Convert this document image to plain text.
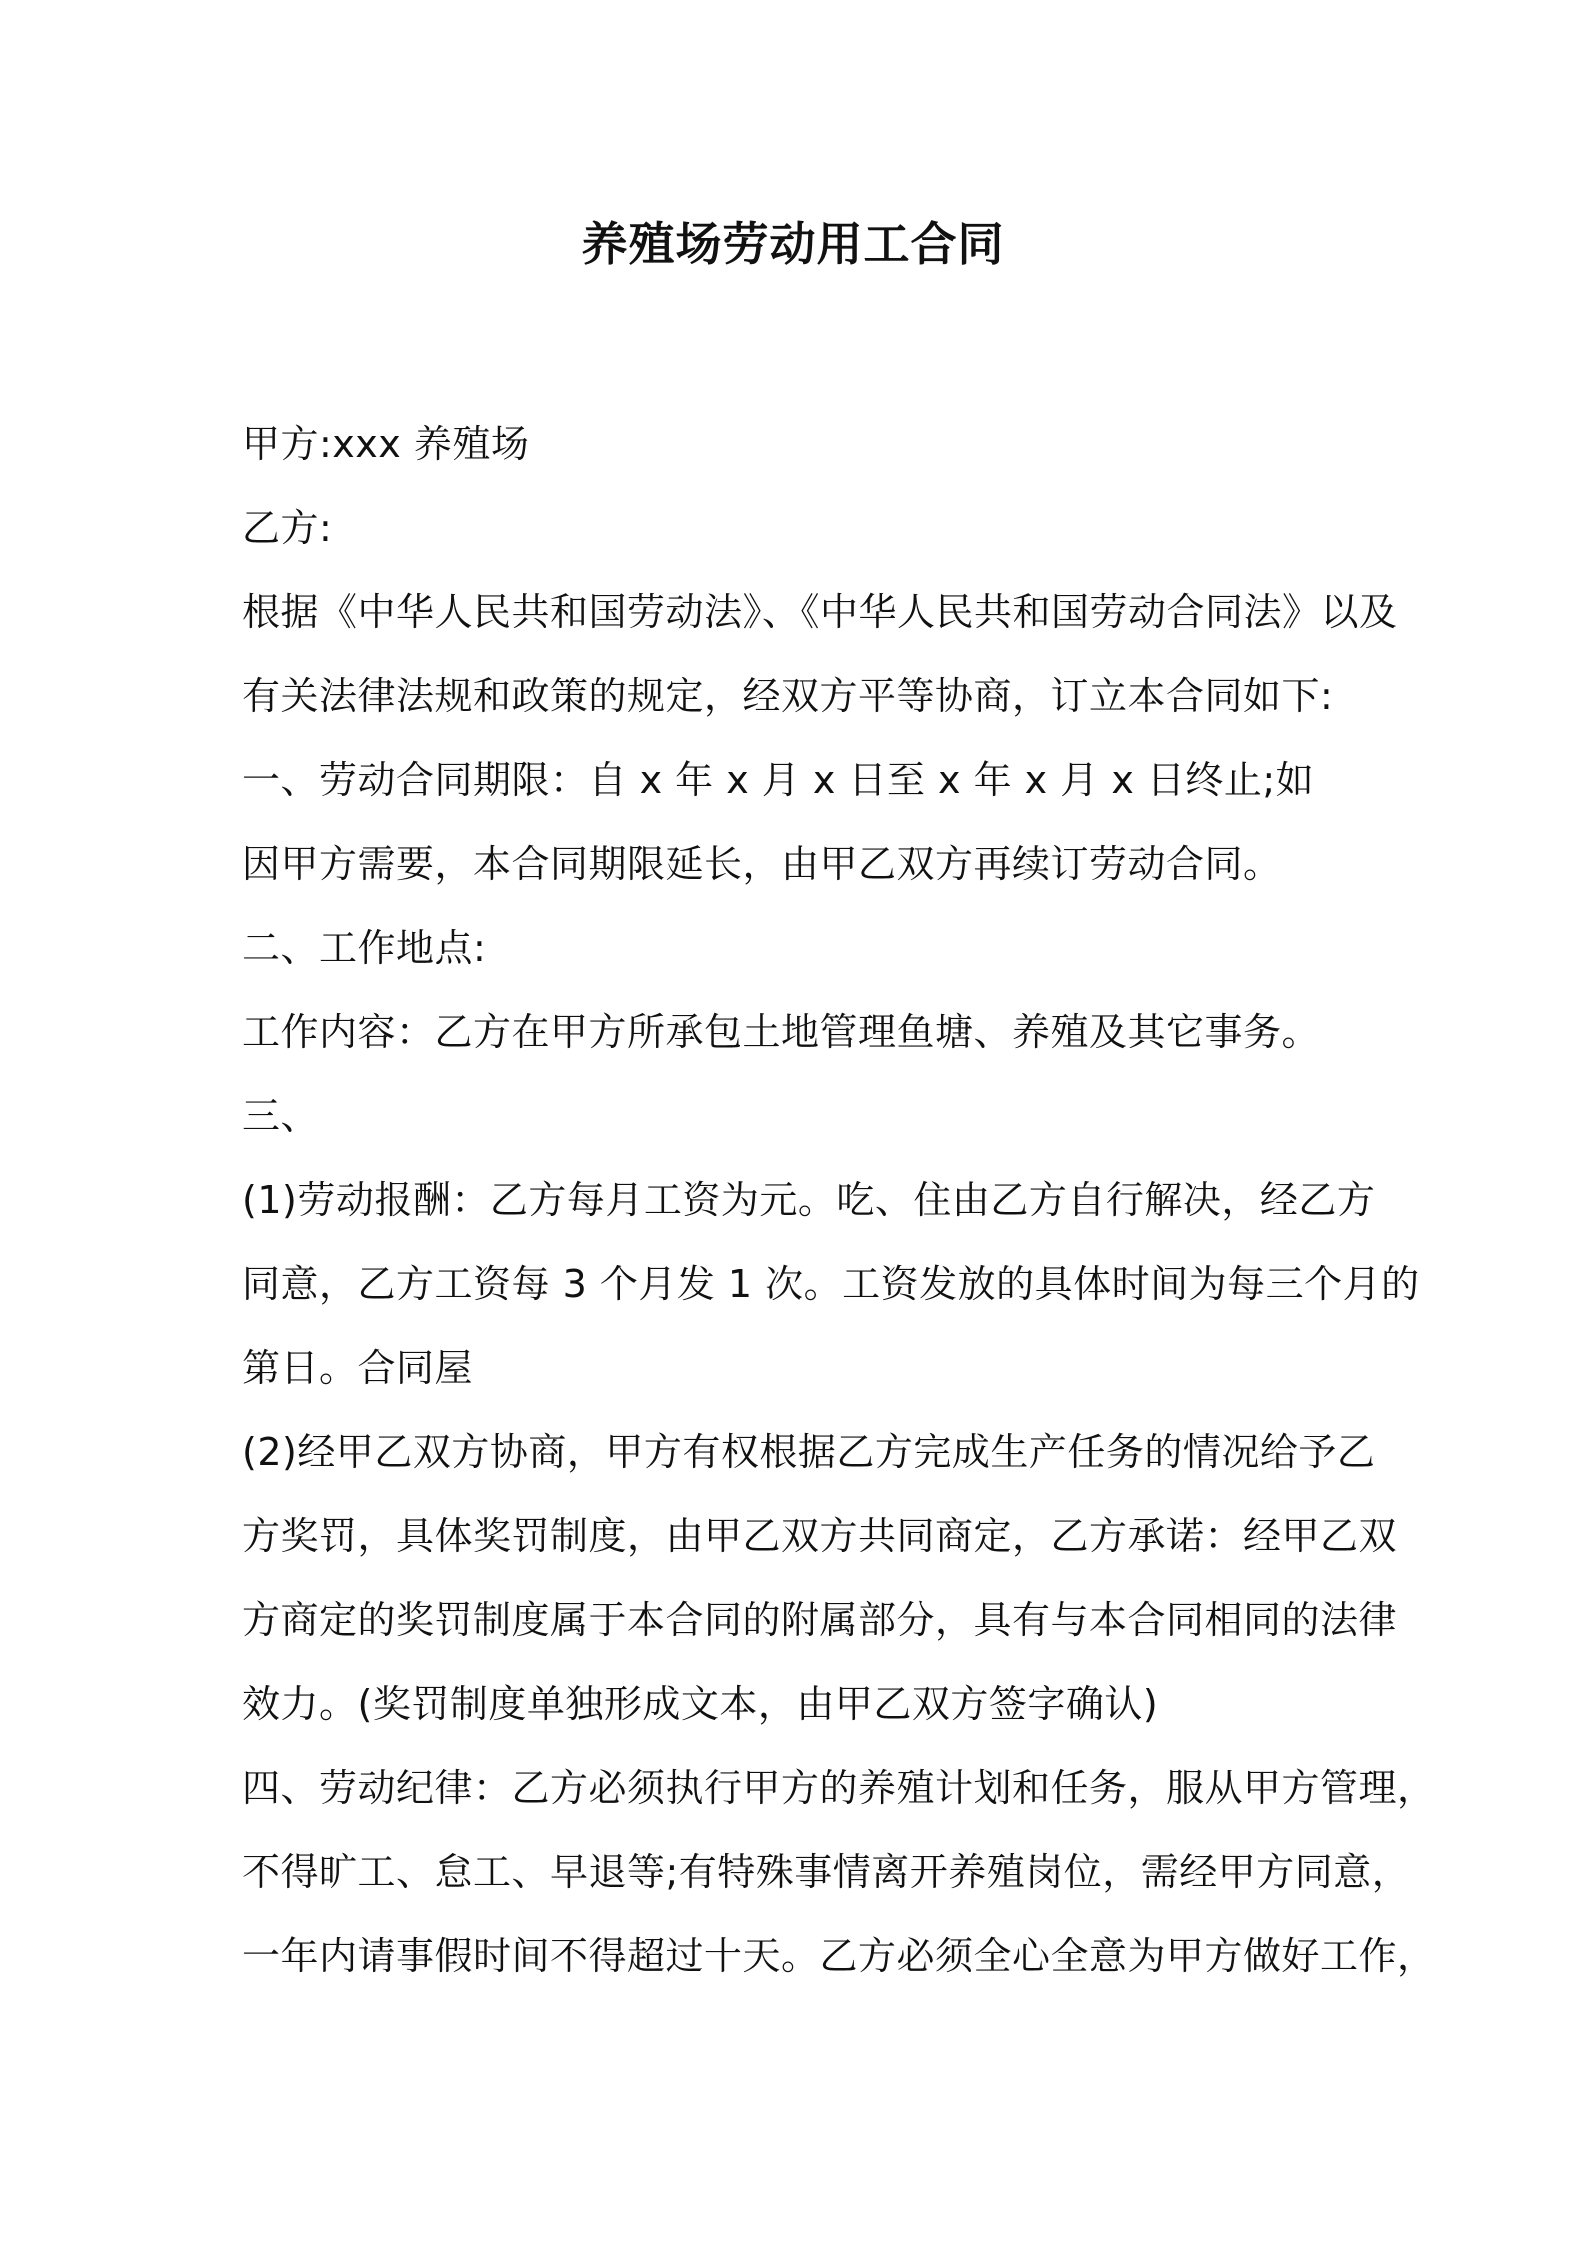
养殖场劳动用工合同
甲方:xxx 养殖场
乙方:
根据《中华人民共和国劳动法》、《中华人民共和国劳动合同法》以及
有关法律法规和政策的规定，经双方平等协商，订立本合同如下:
一、劳动合同期限：自 x 年 x 月 x 日至 x 年 x 月 x 日终止;如
因甲方需要，本合同期限延长，由甲乙双方再续订劳动合同。
二、工作地点:
工作内容：乙方在甲方所承包土地管理鱼塘、养殖及其它事务。
三、
(1)劳动报酬：乙方每月工资为元。吃、住由乙方自行解决，经乙方
同意，乙方工资每 3 个月发 1 次。工资发放的具体时间为每三个月的
第日。合同屋
(2)经甲乙双方协商，甲方有权根据乙方完成生产任务的情况给予乙
方奖罚，具体奖罚制度，由甲乙双方共同商定，乙方承诺：经甲乙双
方商定的奖罚制度属于本合同的附属部分，具有与本合同相同的法律
效力。(奖罚制度单独形成文本，由甲乙双方签字确认)
四、劳动纪律：乙方必须执行甲方的养殖计划和任务，服从甲方管理，
不得旷工、怠工、早退等;有特殊事情离开养殖岗位，需经甲方同意，
一年内请事假时间不得超过十天。乙方必须全心全意为甲方做好工作，
